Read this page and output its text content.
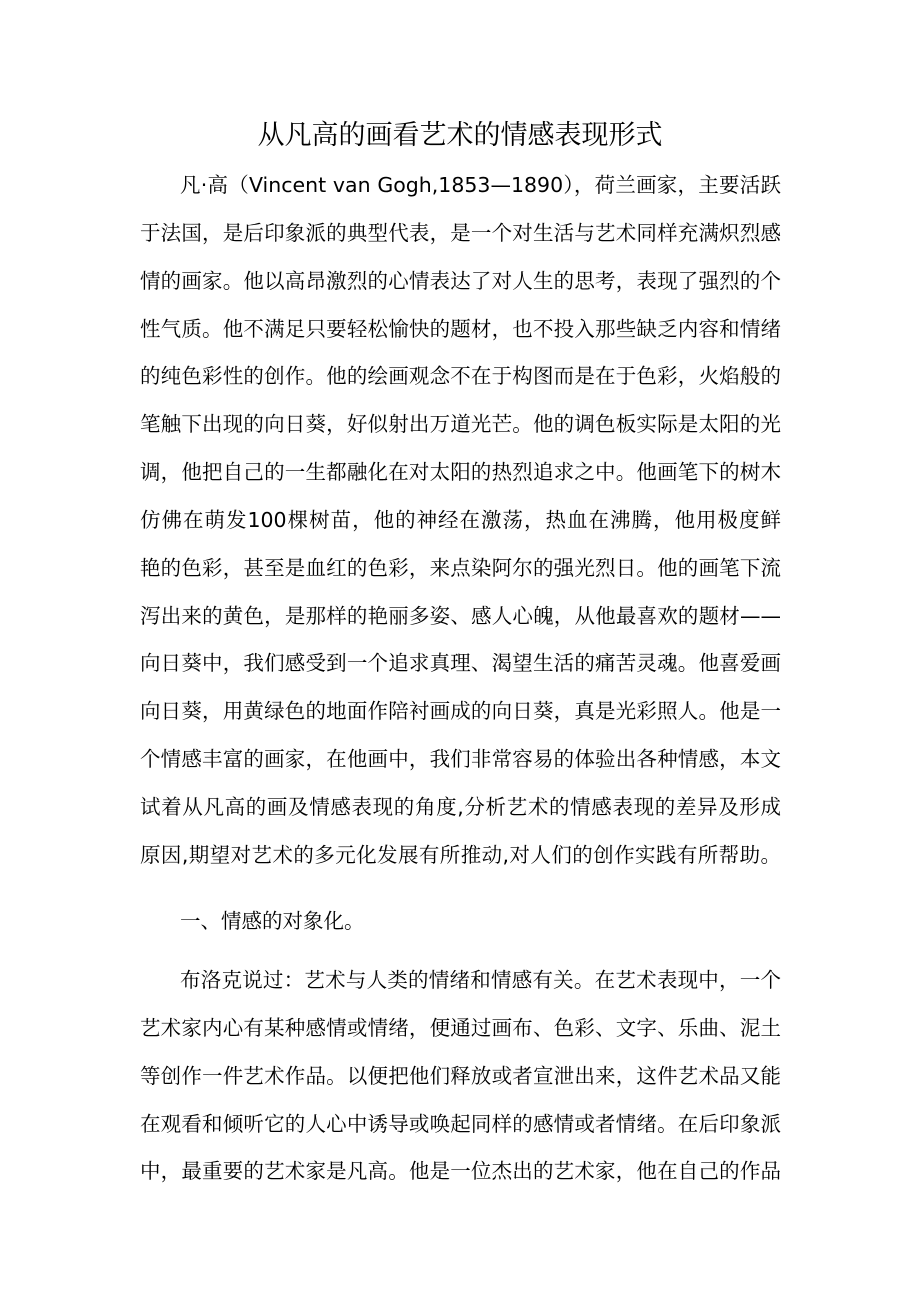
从凡高的画看艺术的情感表现形式
凡·高（Vincent van Gogh,1853—1890），荷兰画家，主要活跃
于法国，是后印象派的典型代表，是一个对生活与艺术同样充满炽烈感
情的画家。他以高昂激烈的心情表达了对人生的思考，表现了强烈的个
性气质。他不满足只要轻松愉快的题材，也不投入那些缺乏内容和情绪
的纯色彩性的创作。他的绘画观念不在于构图而是在于色彩，火焰般的
笔触下出现的向日葵，好似射出万道光芒。他的调色板实际是太阳的光
调，他把自己的一生都融化在对太阳的热烈追求之中。他画笔下的树木
仿佛在萌发100棵树苗，他的神经在激荡，热血在沸腾，他用极度鲜
艳的色彩，甚至是血红的色彩，来点染阿尔的强光烈日。他的画笔下流
泻出来的黄色，是那样的艳丽多姿、感人心魄，从他最喜欢的题材——
向日葵中，我们感受到一个追求真理、渴望生活的痛苦灵魂。他喜爱画
向日葵，用黄绿色的地面作陪衬画成的向日葵，真是光彩照人。他是一
个情感丰富的画家，在他画中，我们非常容易的体验出各种情感，本文
试着从凡高的画及情感表现的角度,分析艺术的情感表现的差异及形成
原因,期望对艺术的多元化发展有所推动,对人们的创作实践有所帮助。
一、情感的对象化。
布洛克说过：艺术与人类的情绪和情感有关。在艺术表现中，一个
艺术家内心有某种感情或情绪，便通过画布、色彩、文字、乐曲、泥土
等创作一件艺术作品。以便把他们释放或者宣泄出来，这件艺术品又能
在观看和倾听它的人心中诱导或唤起同样的感情或者情绪。在后印象派
中，最重要的艺术家是凡高。他是一位杰出的艺术家，他在自己的作品
